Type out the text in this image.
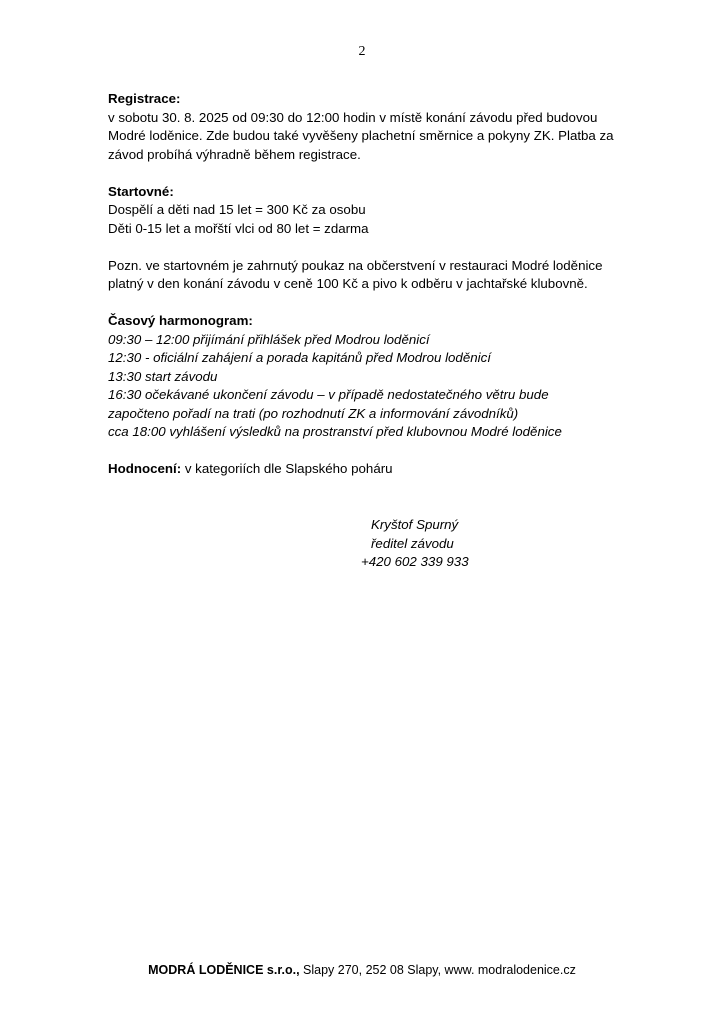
2

Registrace:

v sobotu 30. 8. 2025 od 09:30 do 12:00 hodin v místě konání závodu před budovou

Modré loděnice. Zde budou také vyvěšeny plachetní směrnice a pokyny ZK. Platba za

závod probíhá výhradně během registrace.

Startovné:

Dospělí a děti nad 15 let = 300 Kč za osobu

Děti 0-15 let a mořští vlci od 80 let = zdarma

Pozn. ve startovném je zahrnutý poukaz na občerstvení v restauraci Modré loděnice

platný v den konání závodu v ceně 100 Kč a pivo k odběru v jachtařské klubovně.

Časový harmonogram:

09:30 – 12:00 přijímání přihlášek před Modrou loděnicí

12:30 - oficiální zahájení a porada kapitánů před Modrou loděnicí

13:30 start závodu

16:30 očekávané ukončení závodu – v případě nedostatečného větru bude

započteno pořadí na trati (po rozhodnutí ZK a informování závodníků)

cca 18:00 vyhlášení výsledků na prostranství před klubovnou Modré loděnice

Hodnocení: v kategoriích dle Slapského poháru

Kryštof Spurný

ředitel závodu

+420 602 339 933

MODRÁ LODĚNICE s.r.o., Slapy 270, 252 08 Slapy, www. modralodenice.cz
